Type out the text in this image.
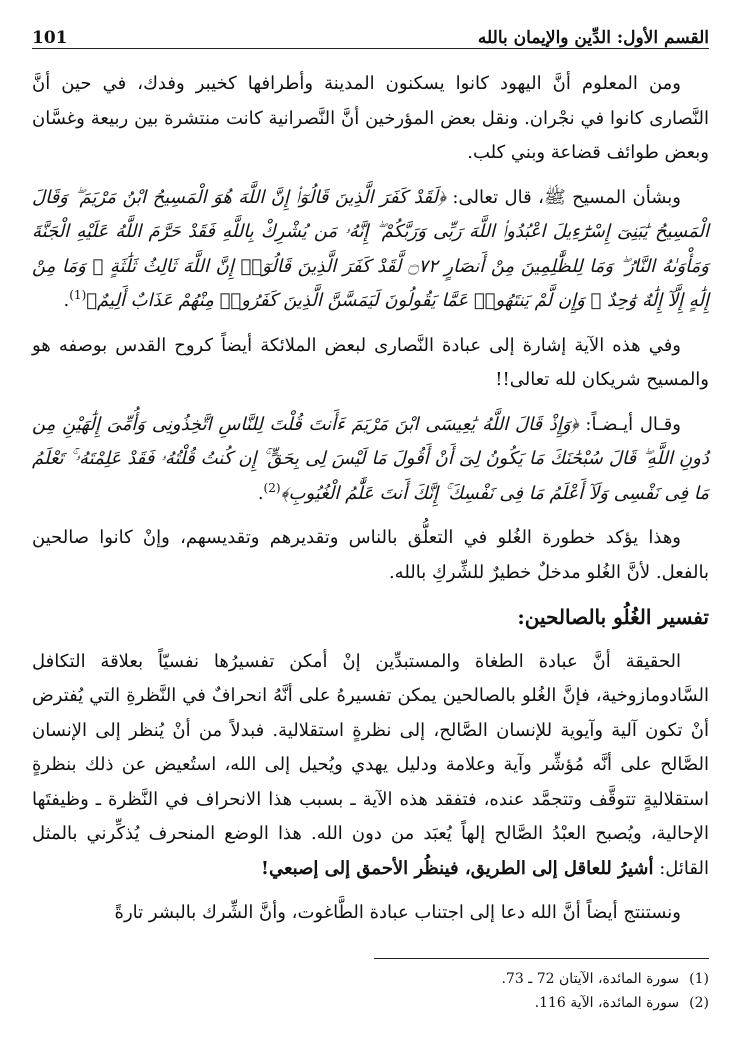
القسم الأول: الدِّين والإيمان بالله
101

ومن المعلوم أنَّ اليهود كانوا يسكنون المدينة وأطرافها كخيبر وفدك، في حين أنَّ النَّصارى كانوا في نجْران. ونقل بعض المؤرخين أنَّ النَّصرانية كانت منتشرة بين ربيعة وغسَّان وبعض طوائف قضاعة وبني كلب.

وبشأن المسيح ﷺ، قال تعالى: ﴿لَقَدْ كَفَرَ الَّذِينَ قَالُوٓا۟ إِنَّ اللَّهَ هُوَ الْمَسِيحُ ابْنُ مَرْيَمَ ۖ وَقَالَ الْمَسِيحُ يَٰبَنِىٓ إِسْرَٰٓءِيلَ اعْبُدُوا۟ اللَّهَ رَبِّى وَرَبَّكُمْ ۖ إِنَّهُۥ مَن يُشْرِكْ بِاللَّهِ فَقَدْ حَرَّمَ اللَّهُ عَلَيْهِ الْجَنَّةَ وَمَأْوَىٰهُ النَّارُ ۖ وَمَا لِلظَّٰلِمِينَ مِنْ أَنصَارٍ ۝٧٢ لَّقَدْ كَفَرَ الَّذِينَ قَالُوٓا۟ إِنَّ اللَّهَ ثَالِثُ ثَلَٰثَةٍ ۘ وَمَا مِنْ إِلَٰهٍ إِلَّآ إِلَٰهٌ وَٰحِدٌ ۚ وَإِن لَّمْ يَنتَهُوا۟ عَمَّا يَقُولُونَ لَيَمَسَّنَّ الَّذِينَ كَفَرُوا۟ مِنْهُمْ عَذَابٌ أَلِيمٌ﴾$^{(1)}$.

وفي هذه الآية إشارة إلى عبادة النَّصارى لبعض الملائكة أيضاً كروح القدس بوصفه هو والمسيح شريكان لله تعالى!!

وقـال أيـضـاً: ﴿وَإِذْ قَالَ اللَّهُ يَٰعِيسَى ابْنَ مَرْيَمَ ءَأَنتَ قُلْتَ لِلنَّاسِ اتَّخِذُونِى وَأُمِّىَ إِلَٰهَيْنِ مِن دُونِ اللَّهِ ۖ قَالَ سُبْحَٰنَكَ مَا يَكُونُ لِىٓ أَنْ أَقُولَ مَا لَيْسَ لِى بِحَقٍّ ۚ إِن كُنتُ قُلْتُهُۥ فَقَدْ عَلِمْتَهُۥ ۚ تَعْلَمُ مَا فِى نَفْسِى وَلَآ أَعْلَمُ مَا فِى نَفْسِكَ ۚ إِنَّكَ أَنتَ عَلَّٰمُ الْغُيُوبِ﴾$^{(2)}$.

وهذا يؤكد خطورة الغُلو في التعلُّق بالناس وتقديرهم وتقديسهم، وإنْ كانوا صالحين بالفعل. لأنَّ الغُلو مدخلٌ خطيرٌ للشِّركِ بالله.

تفسير الغُلُو بالصالحين:

الحقيقة أنَّ عبادة الطغاة والمستبدِّين إنْ أمكن تفسيرُها نفسيّاً بعلاقة التكافل السَّادومازوخية، فإنَّ الغُلو بالصالحين يمكن تفسيرهُ على أنَّهُ انحرافٌ في النَّظرةِ التي يُفترض أنْ تكون آلية وآيوية للإنسان الصَّالح، إلى نظرةٍ استقلالية. فبدلاً من أنْ يُنظر إلى الإنسان الصَّالح على أنَّه مُؤشِّر وآية وعلامة ودليل يهدي ويُحيل إلى الله، استُعيض عن ذلك بنظرةٍ استقلاليةٍ تتوقَّف وتتجمَّد عنده، فتفقد هذه الآية ـ بسبب هذا الانحراف في النَّظرة ـ وظيفتَها الإحالية، ويُصبح العبْدُ الصَّالح إلهاً يُعبَد من دون الله. هذا الوضع المنحرف يُذكِّرني بالمثل القائل: أشيرُ للعاقل إلى الطريق، فينظُر الأحمق إلى إصبعي!

ونستنتج أيضاً أنَّ الله دعا إلى اجتناب عبادة الطَّاغوت، وأنَّ الشِّرك بالبشر تارةً

(1)
سورة المائدة، الآيتان 72 ـ 73.
(2)
سورة المائدة، الآية 116.
